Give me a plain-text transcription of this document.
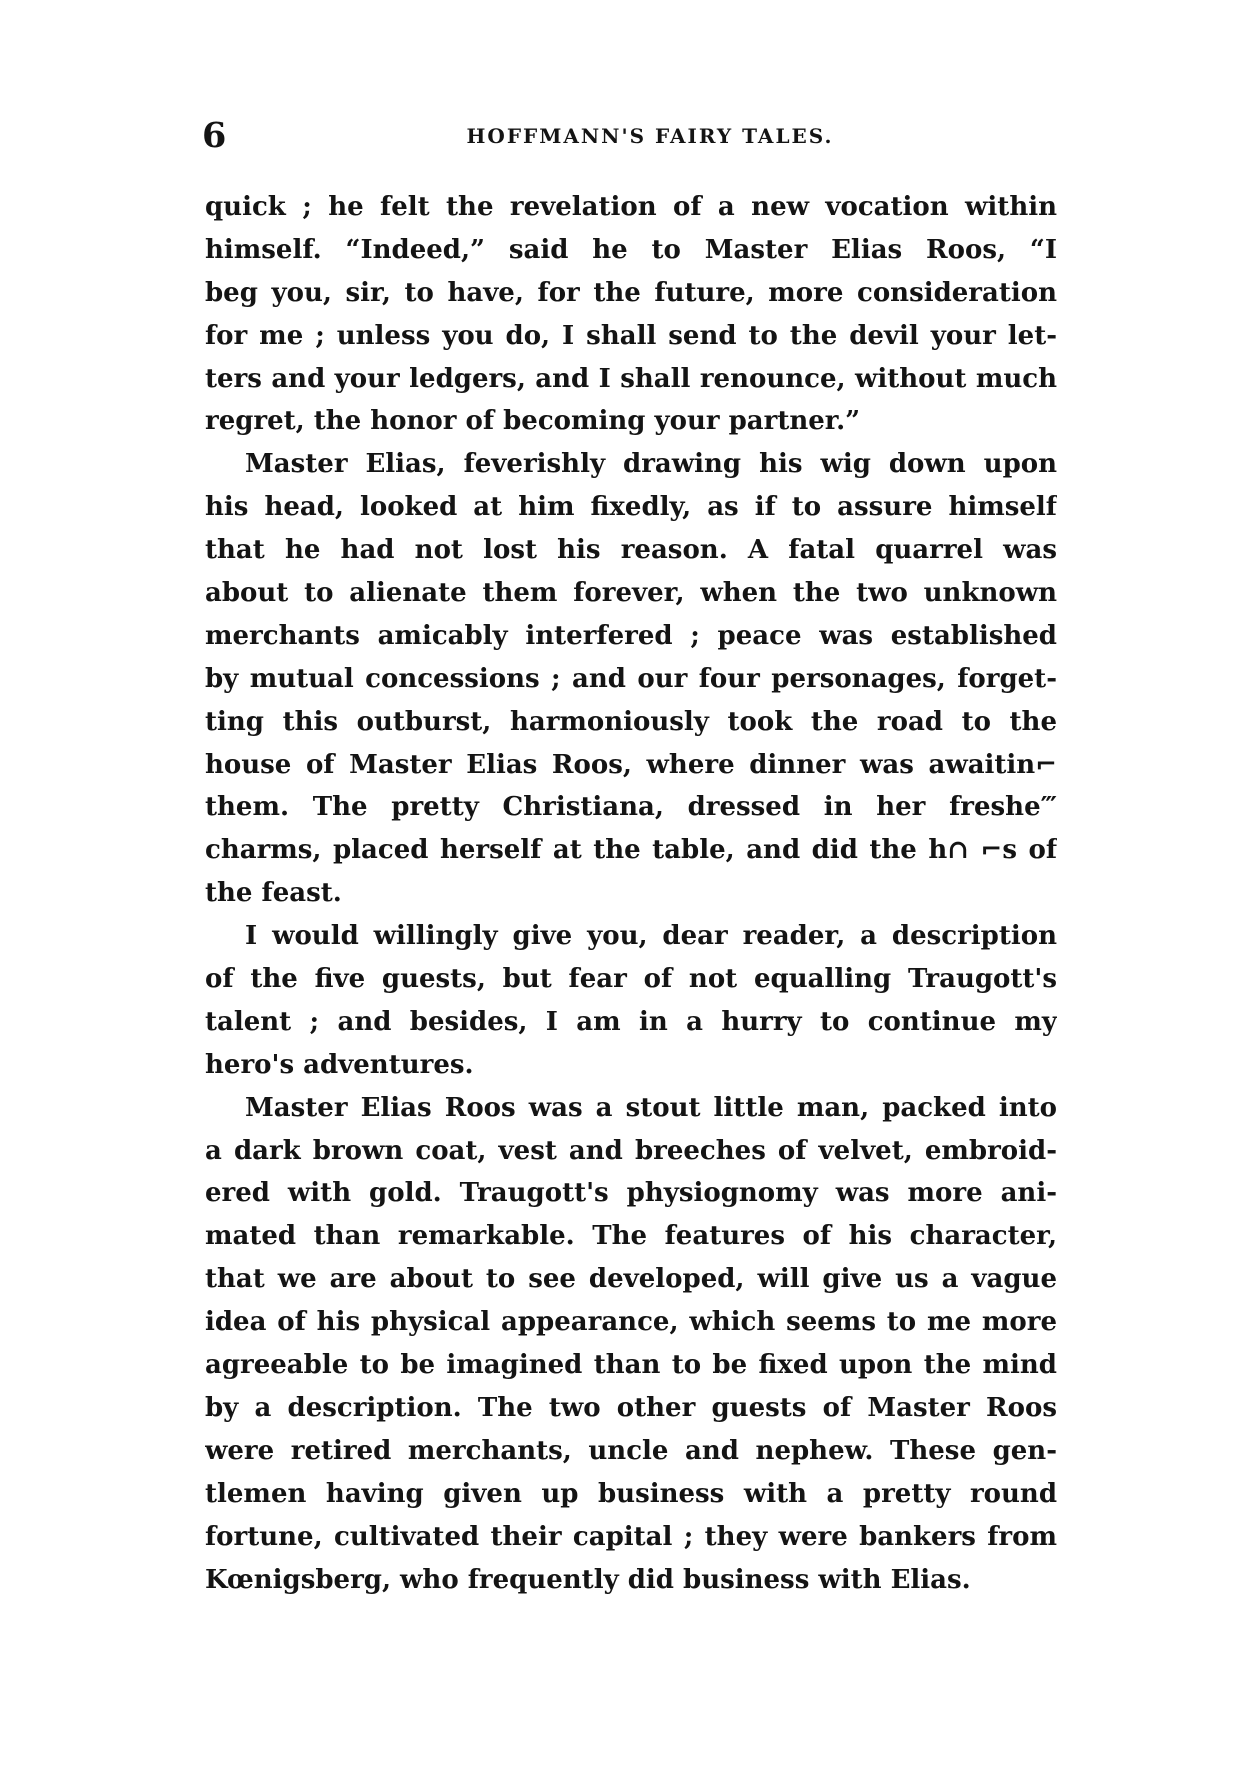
6	HOFFMANN'S FAIRY TALES.
quick ; he felt the revelation of a new vocation within
himself. “Indeed,” said he to Master Elias Roos, “I
beg you, sir, to have, for the future, more consideration
for me ; unless you do, I shall send to the devil your let-
ters and your ledgers, and I shall renounce, without much
regret, the honor of becoming your partner.”
Master Elias, feverishly drawing his wig down upon
his head, looked at him fixedly, as if to assure himself
that he had not lost his reason. A fatal quarrel was
about to alienate them forever, when the two unknown
merchants amicably interfered ; peace was established
by mutual concessions ; and our four personages, forget-
ting this outburst, harmoniously took the road to the
house of Master Elias Roos, where dinner was awaitin⌐
them. The pretty Christiana, dressed in her freshe‴
charms, placed herself at the table, and did the h∩ ⌐s of
the feast.
I would willingly give you, dear reader, a description
of the five guests, but fear of not equalling Traugott's
talent ; and besides, I am in a hurry to continue my
hero's adventures.
Master Elias Roos was a stout little man, packed into
a dark brown coat, vest and breeches of velvet, embroid-
ered with gold. Traugott's physiognomy was more ani-
mated than remarkable. The features of his character,
that we are about to see developed, will give us a vague
idea of his physical appearance, which seems to me more
agreeable to be imagined than to be fixed upon the mind
by a description. The two other guests of Master Roos
were retired merchants, uncle and nephew. These gen-
tlemen having given up business with a pretty round
fortune, cultivated their capital ; they were bankers from
Kœnigsberg, who frequently did business with Elias.
